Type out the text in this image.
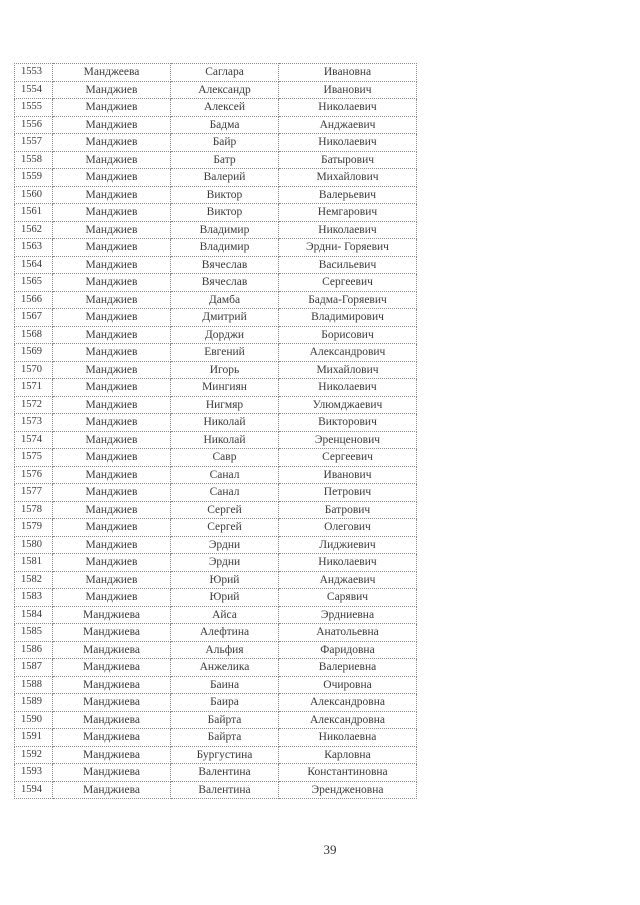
1553	Манджеева	Саглара	Ивановна
1554	Манджиев	Александр	Иванович
1555	Манджиев	Алексей	Николаевич
1556	Манджиев	Бадма	Анджаевич
1557	Манджиев	Байр	Николаевич
1558	Манджиев	Батр	Батырович
1559	Манджиев	Валерий	Михайлович
1560	Манджиев	Виктор	Валерьевич
1561	Манджиев	Виктор	Немгарович
1562	Манджиев	Владимир	Николаевич
1563	Манджиев	Владимир	Эрдни- Горяевич
1564	Манджиев	Вячеслав	Васильевич
1565	Манджиев	Вячеслав	Сергеевич
1566	Манджиев	Дамба	Бадма-Горяевич
1567	Манджиев	Дмитрий	Владимирович
1568	Манджиев	Дорджи	Борисович
1569	Манджиев	Евгений	Александрович
1570	Манджиев	Игорь	Михайлович
1571	Манджиев	Мингиян	Николаевич
1572	Манджиев	Нигмяр	Улюмджаевич
1573	Манджиев	Николай	Викторович
1574	Манджиев	Николай	Эренценович
1575	Манджиев	Савр	Сергеевич
1576	Манджиев	Санал	Иванович
1577	Манджиев	Санал	Петрович
1578	Манджиев	Сергей	Батрович
1579	Манджиев	Сергей	Олегович
1580	Манджиев	Эрдни	Лиджиевич
1581	Манджиев	Эрдни	Николаевич
1582	Манджиев	Юрий	Анджаевич
1583	Манджиев	Юрий	Сарявич
1584	Манджиева	Айса	Эрдниевна
1585	Манджиева	Алефтина	Анатольевна
1586	Манджиева	Альфия	Фаридовна
1587	Манджиева	Анжелика	Валериевна
1588	Манджиева	Баина	Очировна
1589	Манджиева	Баира	Александровна
1590	Манджиева	Байрта	Александровна
1591	Манджиева	Байрта	Николаевна
1592	Манджиева	Бургустина	Карловна
1593	Манджиева	Валентина	Константиновна
1594	Манджиева	Валентина	Эрендженовна
39
